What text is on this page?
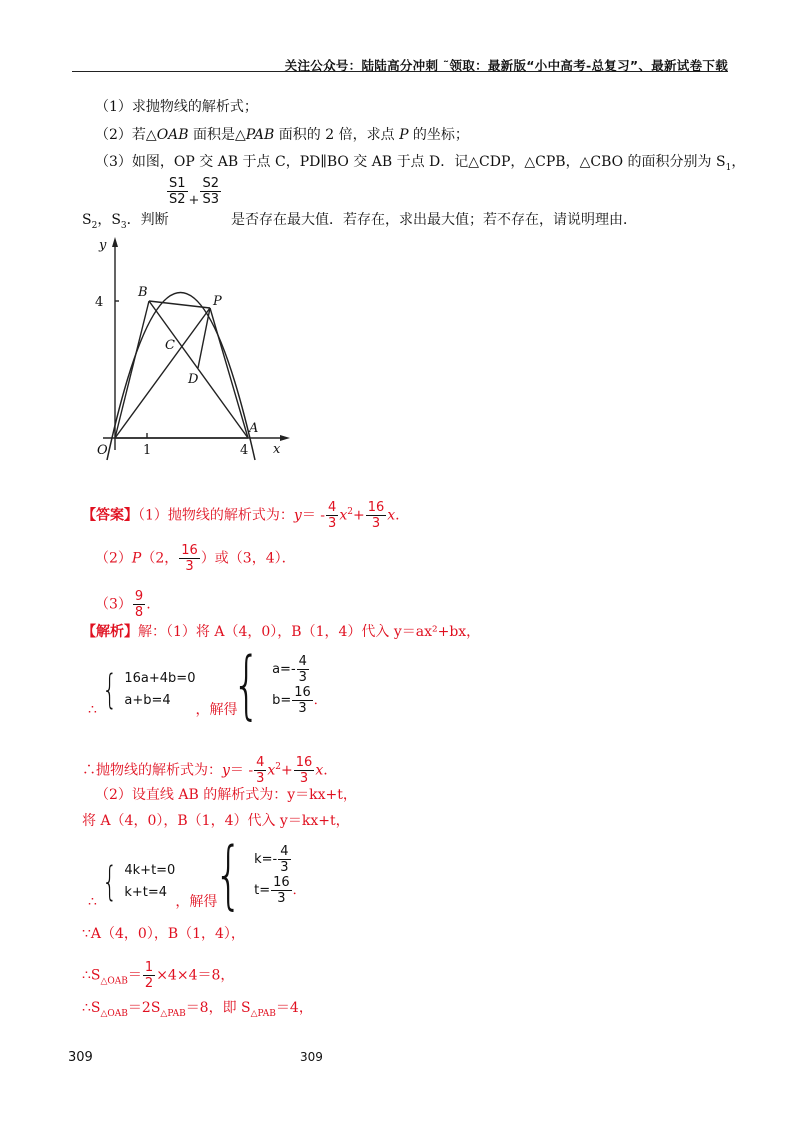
关注公众号：陆陆高分冲刺 ˜领取：最新版“小中高考-总复习”、最新试卷下载
（1）求抛物线的解析式；
（2）若△OAB 面积是△PAB 面积的 2 倍，求点 P 的坐标；
（3）如图，OP 交 AB 于点 C，PD∥BO 交 AB 于点 D．记△CDP，△CPB，△CBO 的面积分别为 $S_1$，
$\frac{S1}{S2} _+ \frac{S2}{S3}$
$S_2$，$S_3$．判断	是否存在最大值．若存在，求出最大值；若不存在，请说明理由．
y
x
O
4
1	4
B
P
C
D
A
【答案】（1）抛物线的解析式为：$y= - \frac{4}{3} x^2+ \frac{16}{3} x$.
（2）P（2， $\frac{16}{3}$ ）或（3，4）．
$(3) \frac{9}{8}$ .
【解析】解：（1）将 A（4，0），B（1，4）代入 y＝ax²+bx，
∴ { 16a+4b=0
a+b=4
，解得
{ $a=- \frac{4}{3}$
$b= \frac{16}{3}$ ．
∴抛物线的解析式为：$y= - \frac{4}{3} x^2+ \frac{16}{3} x$.
（2）设直线 AB 的解析式为：y＝kx+t，
将 A（4，0），B（1，4）代入 y＝kx+t，
∴ { 4k+t=0
k+t=4
，解得
{ $k=- \frac{4}{3}$
$t= \frac{16}{3}$ ．
∵A（4，0），B（1，4），
$\therefore S_{\triangle OAB}= \frac{1}{2} \times 4\times 4=8$，
$\therefore S_{\triangle OAB}=2S_{\triangle PAB}=8$，即 $S_{\triangle PAB}=4$，
309	309
